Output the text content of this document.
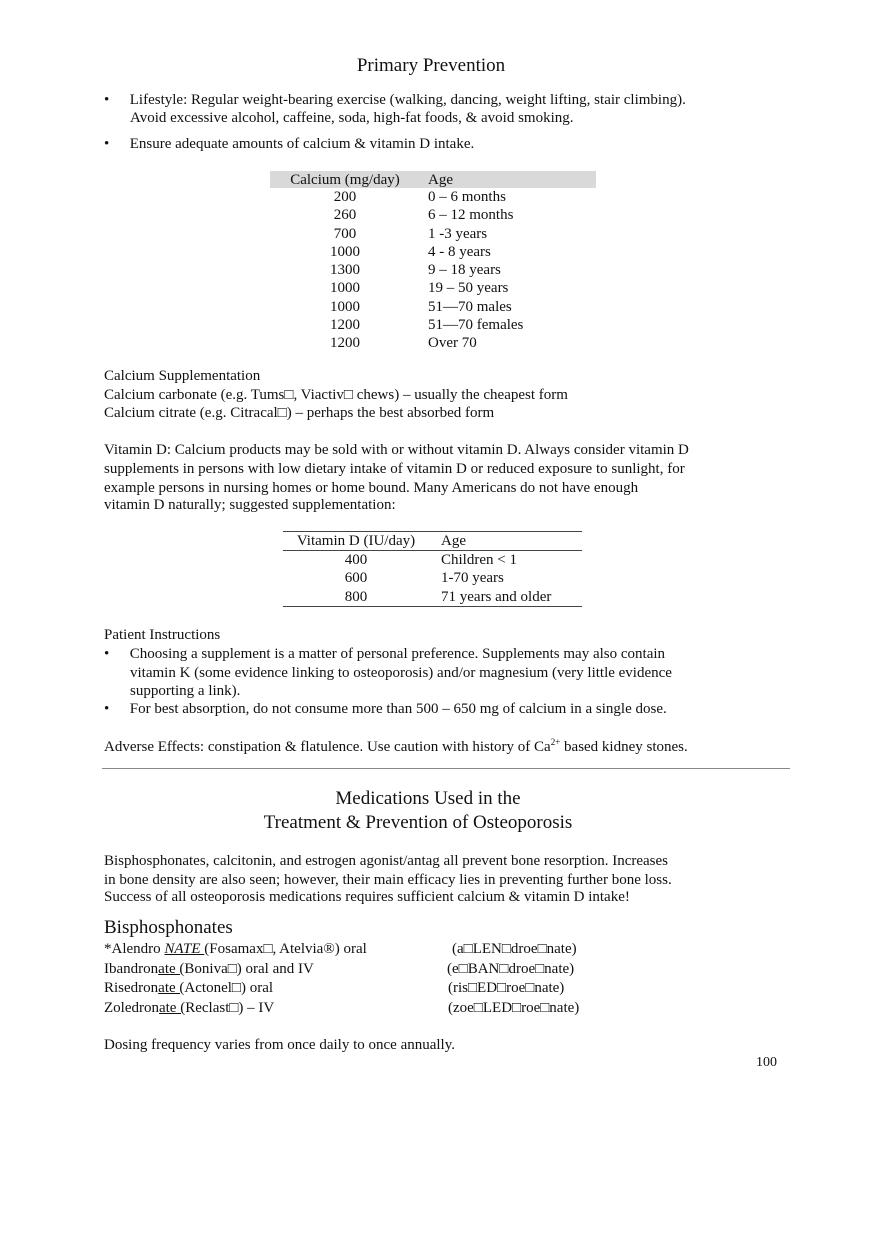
Primary Prevention
• Lifestyle: Regular weight-bearing exercise (walking, dancing, weight lifting, stair climbing).
Avoid excessive alcohol, caffeine, soda, high-fat foods, & avoid smoking.
• Ensure adequate amounts of calcium & vitamin D intake.
Calcium (mg/day)	Age
200	0 – 6 months
260	6 – 12 months
700	1 -3 years
1000	4 - 8 years
1300	9 – 18 years
1000	19 – 50 years
1000	51—70 males
1200	51—70 females
1200	Over 70
Calcium Supplementation
Calcium carbonate (e.g. Tums□, Viactiv□ chews) – usually the cheapest form
Calcium citrate (e.g. Citracal□) – perhaps the best absorbed form
Vitamin D: Calcium products may be sold with or without vitamin D. Always consider vitamin D
supplements in persons with low dietary intake of vitamin D or reduced exposure to sunlight, for
example persons in nursing homes or home bound. Many Americans do not have enough
vitamin D naturally; suggested supplementation:
Vitamin D (IU/day)	Age
400	Children < 1
600	1-70 years
800	71 years and older
Patient Instructions
• Choosing a supplement is a matter of personal preference. Supplements may also contain
vitamin K (some evidence linking to osteoporosis) and/or magnesium (very little evidence
supporting a link).
• For best absorption, do not consume more than 500 – 650 mg of calcium in a single dose.
Adverse Effects: constipation & flatulence. Use caution with history of $Ca^{2+}$ based kidney stones.
Medications Used in the
Treatment & Prevention of Osteoporosis
Bisphosphonates, calcitonin, and estrogen agonist/antag all prevent bone resorption. Increases
in bone density are also seen; however, their main efficacy lies in preventing further bone loss.
Success of all osteoporosis medications requires sufficient calcium & vitamin D intake!
Bisphosphonates
*Alendro NATE (Fosamax□, Atelvia®) oral	(a□LEN□droe□nate)
Ibandronate (Boniva□) oral and IV	(e□BAN□droe□nate)
Risedronate (Actonel□) oral	(ris□ED□roe□nate)
Zoledronate (Reclast□) – IV	(zoe□LED□roe□nate)
Dosing frequency varies from once daily to once annually.
100
